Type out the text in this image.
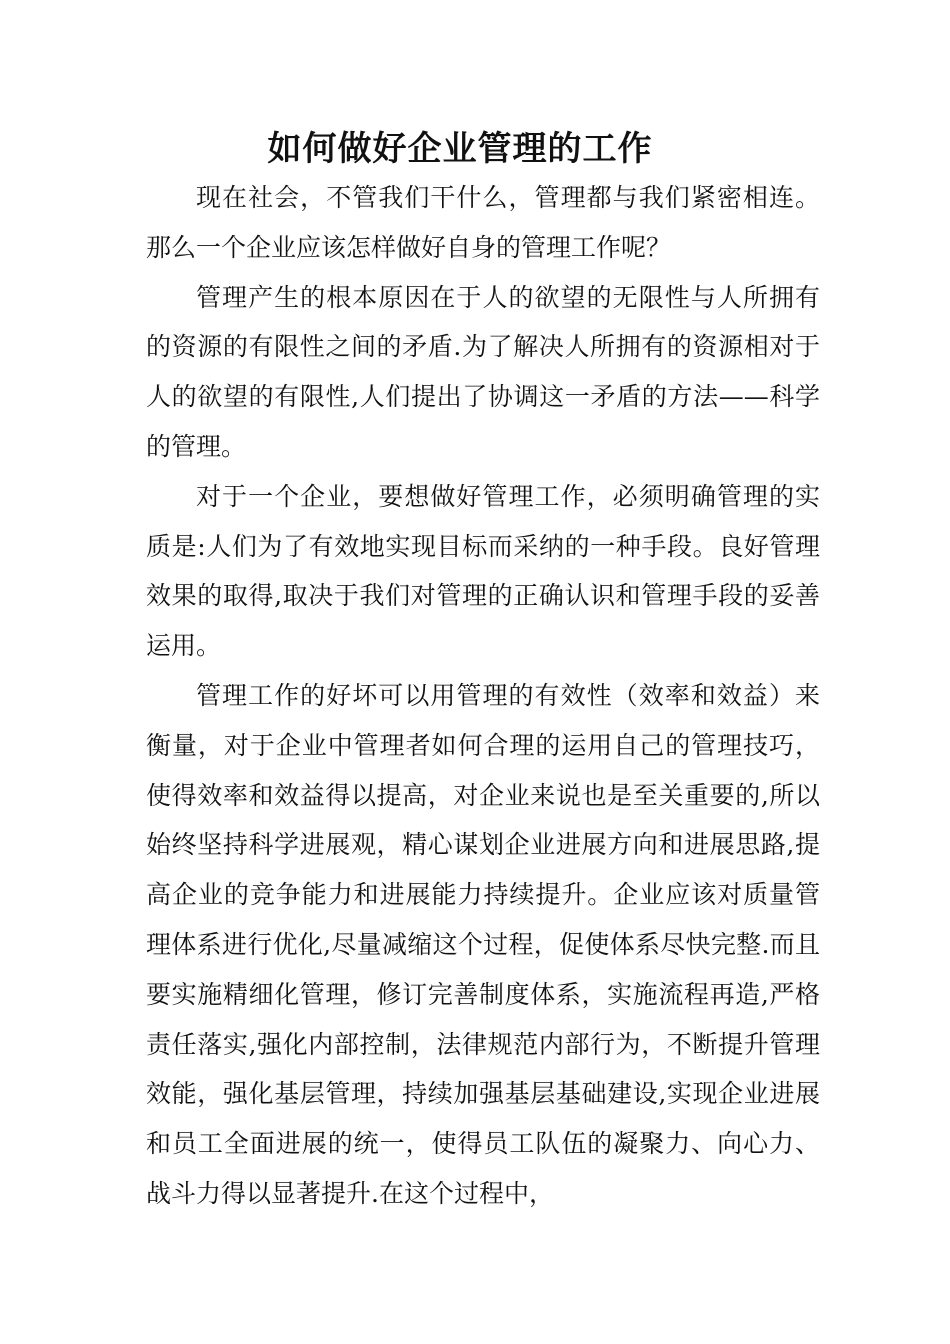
如何做好企业管理的工作

现在社会，不管我们干什么，管理都与我们紧密相连。那么一个企业应该怎样做好自身的管理工作呢？

管理产生的根本原因在于人的欲望的无限性与人所拥有的资源的有限性之间的矛盾.为了解决人所拥有的资源相对于人的欲望的有限性,人们提出了协调这一矛盾的方法——科学的管理。

对于一个企业，要想做好管理工作，必须明确管理的实质是:人们为了有效地实现目标而采纳的一种手段。良好管理效果的取得,取决于我们对管理的正确认识和管理手段的妥善运用。

管理工作的好坏可以用管理的有效性（效率和效益）来衡量，对于企业中管理者如何合理的运用自己的管理技巧，使得效率和效益得以提高，对企业来说也是至关重要的,所以始终坚持科学进展观，精心谋划企业进展方向和进展思路,提高企业的竞争能力和进展能力持续提升。企业应该对质量管理体系进行优化,尽量减缩这个过程，促使体系尽快完整.而且要实施精细化管理，修订完善制度体系，实施流程再造,严格责任落实,强化内部控制，法律规范内部行为，不断提升管理效能，强化基层管理，持续加强基层基础建设,实现企业进展和员工全面进展的统一，使得员工队伍的凝聚力、向心力、战斗力得以显著提升.在这个过程中，
